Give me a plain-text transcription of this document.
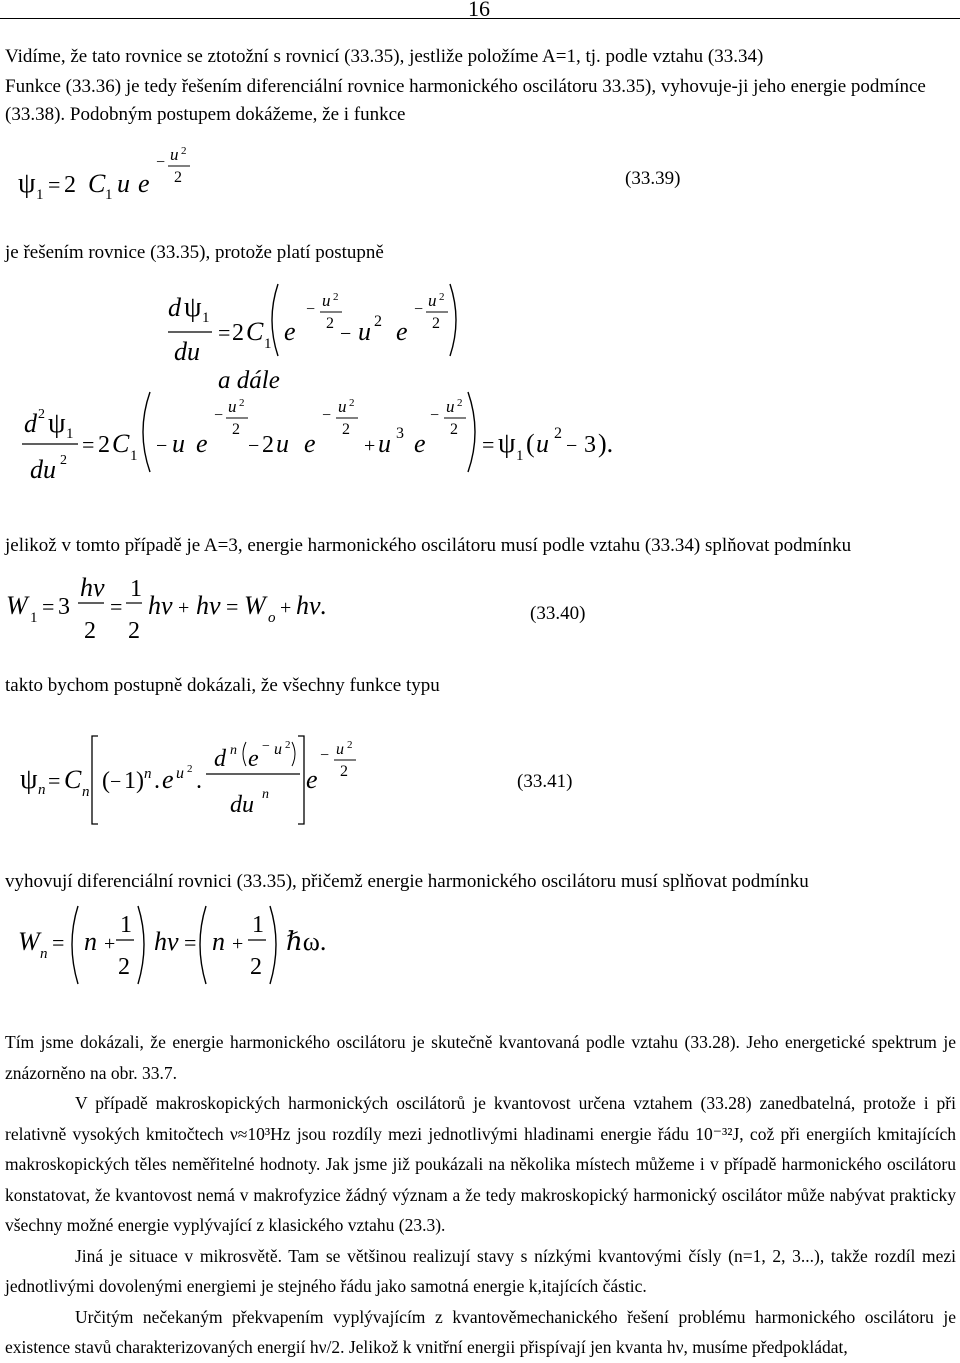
16
Vidíme, že tato rovnice se ztotožní s rovnicí (33.35), jestliže položíme A=1, tj. podle vztahu (33.34)
Funkce (33.36) je tedy řešením diferenciální rovnice harmonického oscilátoru 33.35), vyhovuje-ji jeho energie podmínce
(33.38). Podobným postupem dokážeme, že i funkce
ψ 1 = 2 C 1 u e
− u 2
2	(33.39)
je řešením rovnice (33.35), protože platí postupně
d ψ 1
du
= 2 C 1 e
− u 2
2 − u 2 e
− u 2
2
a dále
d 2 ψ 1
du 2
= 2 C 1 − u e
− u 2
2
− 2 u e
− u 2
2
+ u 3 e
− u 2
2
= ψ 1 ( u 2
− 3 ).
jelikož v tomto případě je A=3, energie harmonického oscilátoru musí podle vztahu (33.34) splňovat podmínku
W 1 = 3
hν
2
=
1
2
hν + hν = W o + hν.	(33.40)
takto bychom postupně dokázali, že všechny funkce typu
ψ n = C n ( − 1) n . e u 2 .
d n e − u 2
du n
e
− u 2
2	(33.41)
vyhovují diferenciální rovnici (33.35), přičemž energie harmonického oscilátoru musí splňovat podmínku
W n = n +
1
2
hν = n +
1
2
ℏω.

Tím jsme dokázali, že energie harmonického oscilátoru je skutečně kvantovaná podle vztahu (33.28). Jeho energetické spektrum je znázorněno na obr. 33.7.

V případě makroskopických harmonických oscilátorů je kvantovost určena vztahem (33.28) zanedbatelná, protože i při relativně vysokých kmitočtech ν≈10³Hz jsou rozdíly mezi jednotlivými hladinami energie řádu 10⁻³²J, což při energiích kmitajících makroskopických těles neměřitelné hodnoty. Jak jsme již poukázali na několika místech můžeme i v případě harmonického oscilátoru konstatovat, že kvantovost nemá v makrofyzice žádný význam a že tedy makroskopický harmonický oscilátor může nabývat prakticky všechny možné energie vyplývající z klasického vztahu (23.3).

Jiná je situace v mikrosvětě. Tam se většinou realizují stavy s nízkými kvantovými čísly (n=1, 2, 3...), takže rozdíl mezi jednotlivými dovolenými energiemi je stejného řádu jako samotná energie k,itajících částic.

Určitým nečekaným překvapením vyplývajícím z kvantověmechanického řešení problému harmonického oscilátoru je existence stavů charakterizovaných energií hν/2. Jelikož k vnitřní energii přispívají jen kvanta hν, musíme předpokládat,
